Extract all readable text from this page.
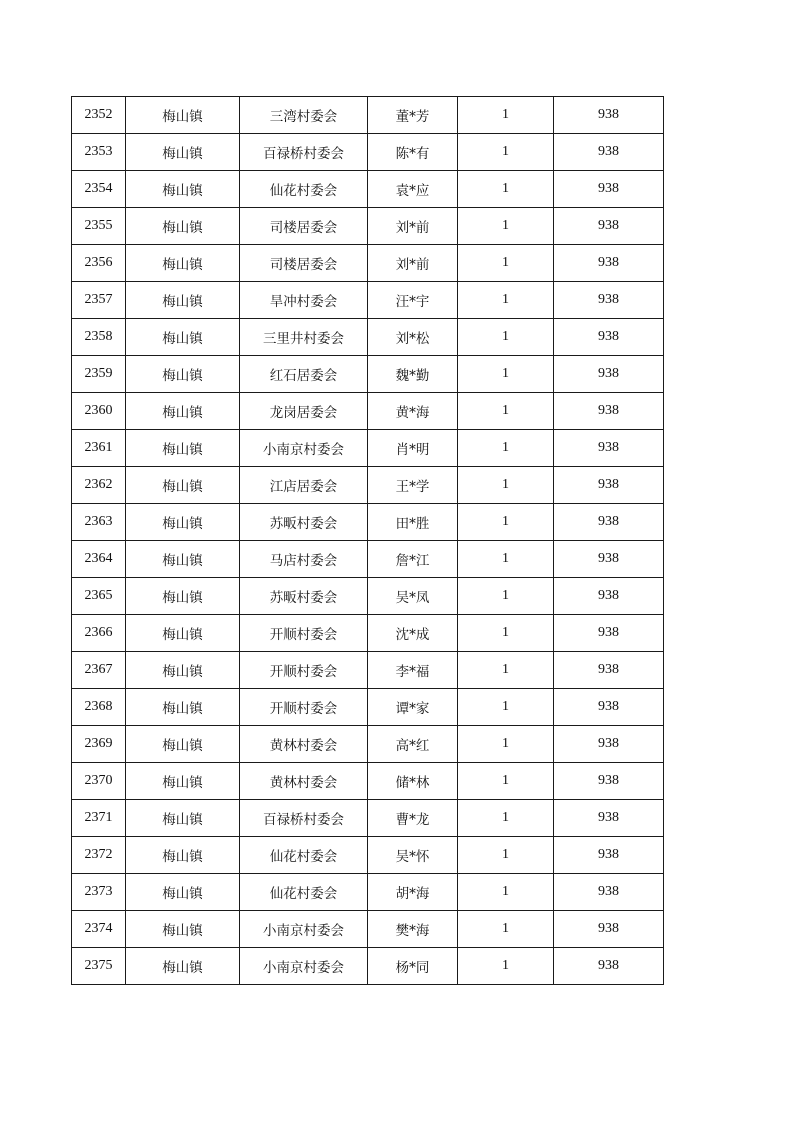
2352	梅山镇	三湾村委会	董*芳	1	938
2353	梅山镇	百禄桥村委会	陈*有	1	938
2354	梅山镇	仙花村委会	袁*应	1	938
2355	梅山镇	司楼居委会	刘*前	1	938
2356	梅山镇	司楼居委会	刘*前	1	938
2357	梅山镇	旱冲村委会	汪*宇	1	938
2358	梅山镇	三里井村委会	刘*松	1	938
2359	梅山镇	红石居委会	魏*勤	1	938
2360	梅山镇	龙岗居委会	黄*海	1	938
2361	梅山镇	小南京村委会	肖*明	1	938
2362	梅山镇	江店居委会	王*学	1	938
2363	梅山镇	苏畈村委会	田*胜	1	938
2364	梅山镇	马店村委会	詹*江	1	938
2365	梅山镇	苏畈村委会	吴*凤	1	938
2366	梅山镇	开顺村委会	沈*成	1	938
2367	梅山镇	开顺村委会	李*福	1	938
2368	梅山镇	开顺村委会	谭*家	1	938
2369	梅山镇	黄林村委会	高*红	1	938
2370	梅山镇	黄林村委会	储*林	1	938
2371	梅山镇	百禄桥村委会	曹*龙	1	938
2372	梅山镇	仙花村委会	吴*怀	1	938
2373	梅山镇	仙花村委会	胡*海	1	938
2374	梅山镇	小南京村委会	樊*海	1	938
2375	梅山镇	小南京村委会	杨*同	1	938
